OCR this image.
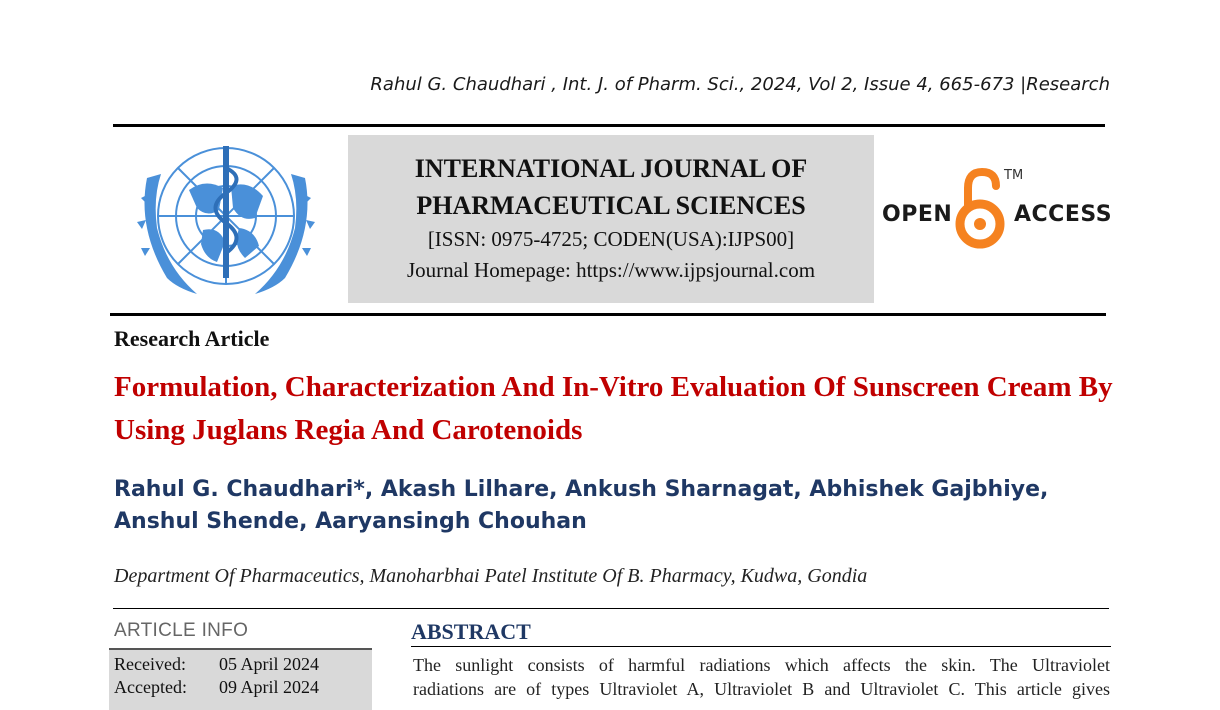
Rahul G. Chaudhari , Int. J. of Pharm. Sci., 2024, Vol 2, Issue 4, 665-673 |Research
INTERNATIONAL JOURNAL OF
PHARMACEUTICAL SCIENCES
[ISSN: 0975-4725; CODEN(USA):IJPS00]
Journal Homepage: https://www.ijpsjournal.com
OPEN
TM
ACCESS
Research Article
Formulation, Characterization And In-Vitro Evaluation Of Sunscreen Cream By Using Juglans Regia And Carotenoids
Rahul G. Chaudhari*, Akash Lilhare, Ankush Sharnagat, Abhishek Gajbhiye,
Anshul Shende, Aaryansingh Chouhan
Department Of Pharmaceutics, Manoharbhai Patel Institute Of B. Pharmacy, Kudwa, Gondia
ARTICLE INFO
Received: 05 April 2024
Accepted: 09 April 2024
ABSTRACT
The sunlight consists of harmful radiations which affects the skin. The Ultraviolet
radiations are of types Ultraviolet A, Ultraviolet B and Ultraviolet C. This article gives
